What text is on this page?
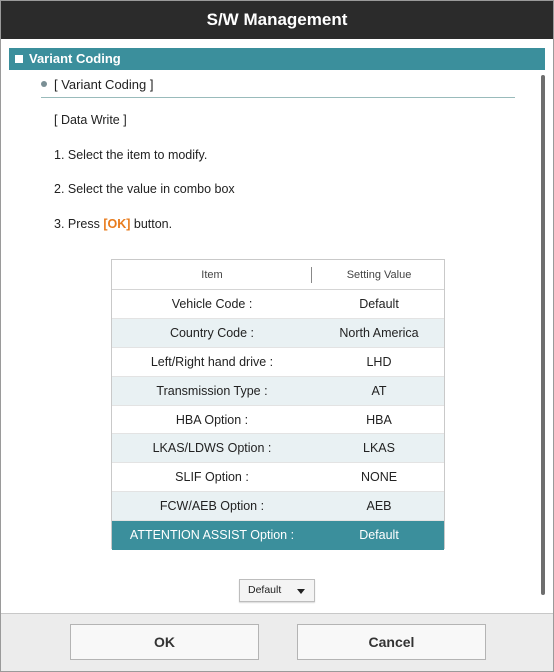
S/W Management
Variant Coding
[ Variant Coding ]
[ Data Write ]
1. Select the item to modify.
2. Select the value in combo box
3. Press [OK] button.
Item	Setting Value
Vehicle Code :	Default
Country Code :	North America
Left/Right hand drive :	LHD
Transmission Type :	AT
HBA Option :	HBA
LKAS/LDWS Option :	LKAS
SLIF Option :	NONE
FCW/AEB Option :	AEB
ATTENTION ASSIST Option :	Default
Default
OK	Cancel
